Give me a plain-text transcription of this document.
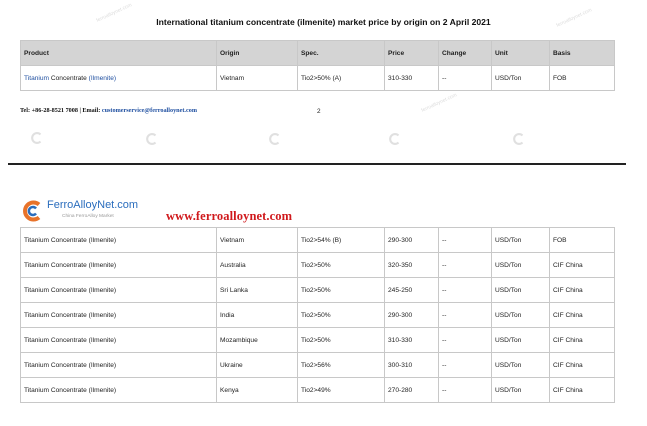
International titanium concentrate (ilmenite) market price by origin on 2 April 2021
Product	Origin	Spec.	Price	Change	Unit	Basis
Titanium Concentrate (Ilmenite)	Vietnam	Tio2>50% (A)	310-330	--	USD/Ton	FOB
Tel: +86-28-8521 7008 | Email: customerservice@ferroalloynet.com	2
ferroalloynet.com
ferroalloynet.com
ferroalloynet.com
FerroAlloyNet.com
China FerroAlloy Market	www.ferroalloynet.com
Titanium Concentrate (Ilmenite)	Vietnam	Tio2>54% (B)	290-300	--	USD/Ton	FOB
Titanium Concentrate (Ilmenite)	Australia	Tio2>50%	320-350	--	USD/Ton	CIF China
Titanium Concentrate (Ilmenite)	Sri Lanka	Tio2>50%	245-250	--	USD/Ton	CIF China
Titanium Concentrate (Ilmenite)	India	Tio2>50%	290-300	--	USD/Ton	CIF China
Titanium Concentrate (Ilmenite)	Mozambique	Tio2>50%	310-330	--	USD/Ton	CIF China
Titanium Concentrate (Ilmenite)	Ukraine	Tio2>56%	300-310	--	USD/Ton	CIF China
Titanium Concentrate (Ilmenite)	Kenya	Tio2>49%	270-280	--	USD/Ton	CIF China
